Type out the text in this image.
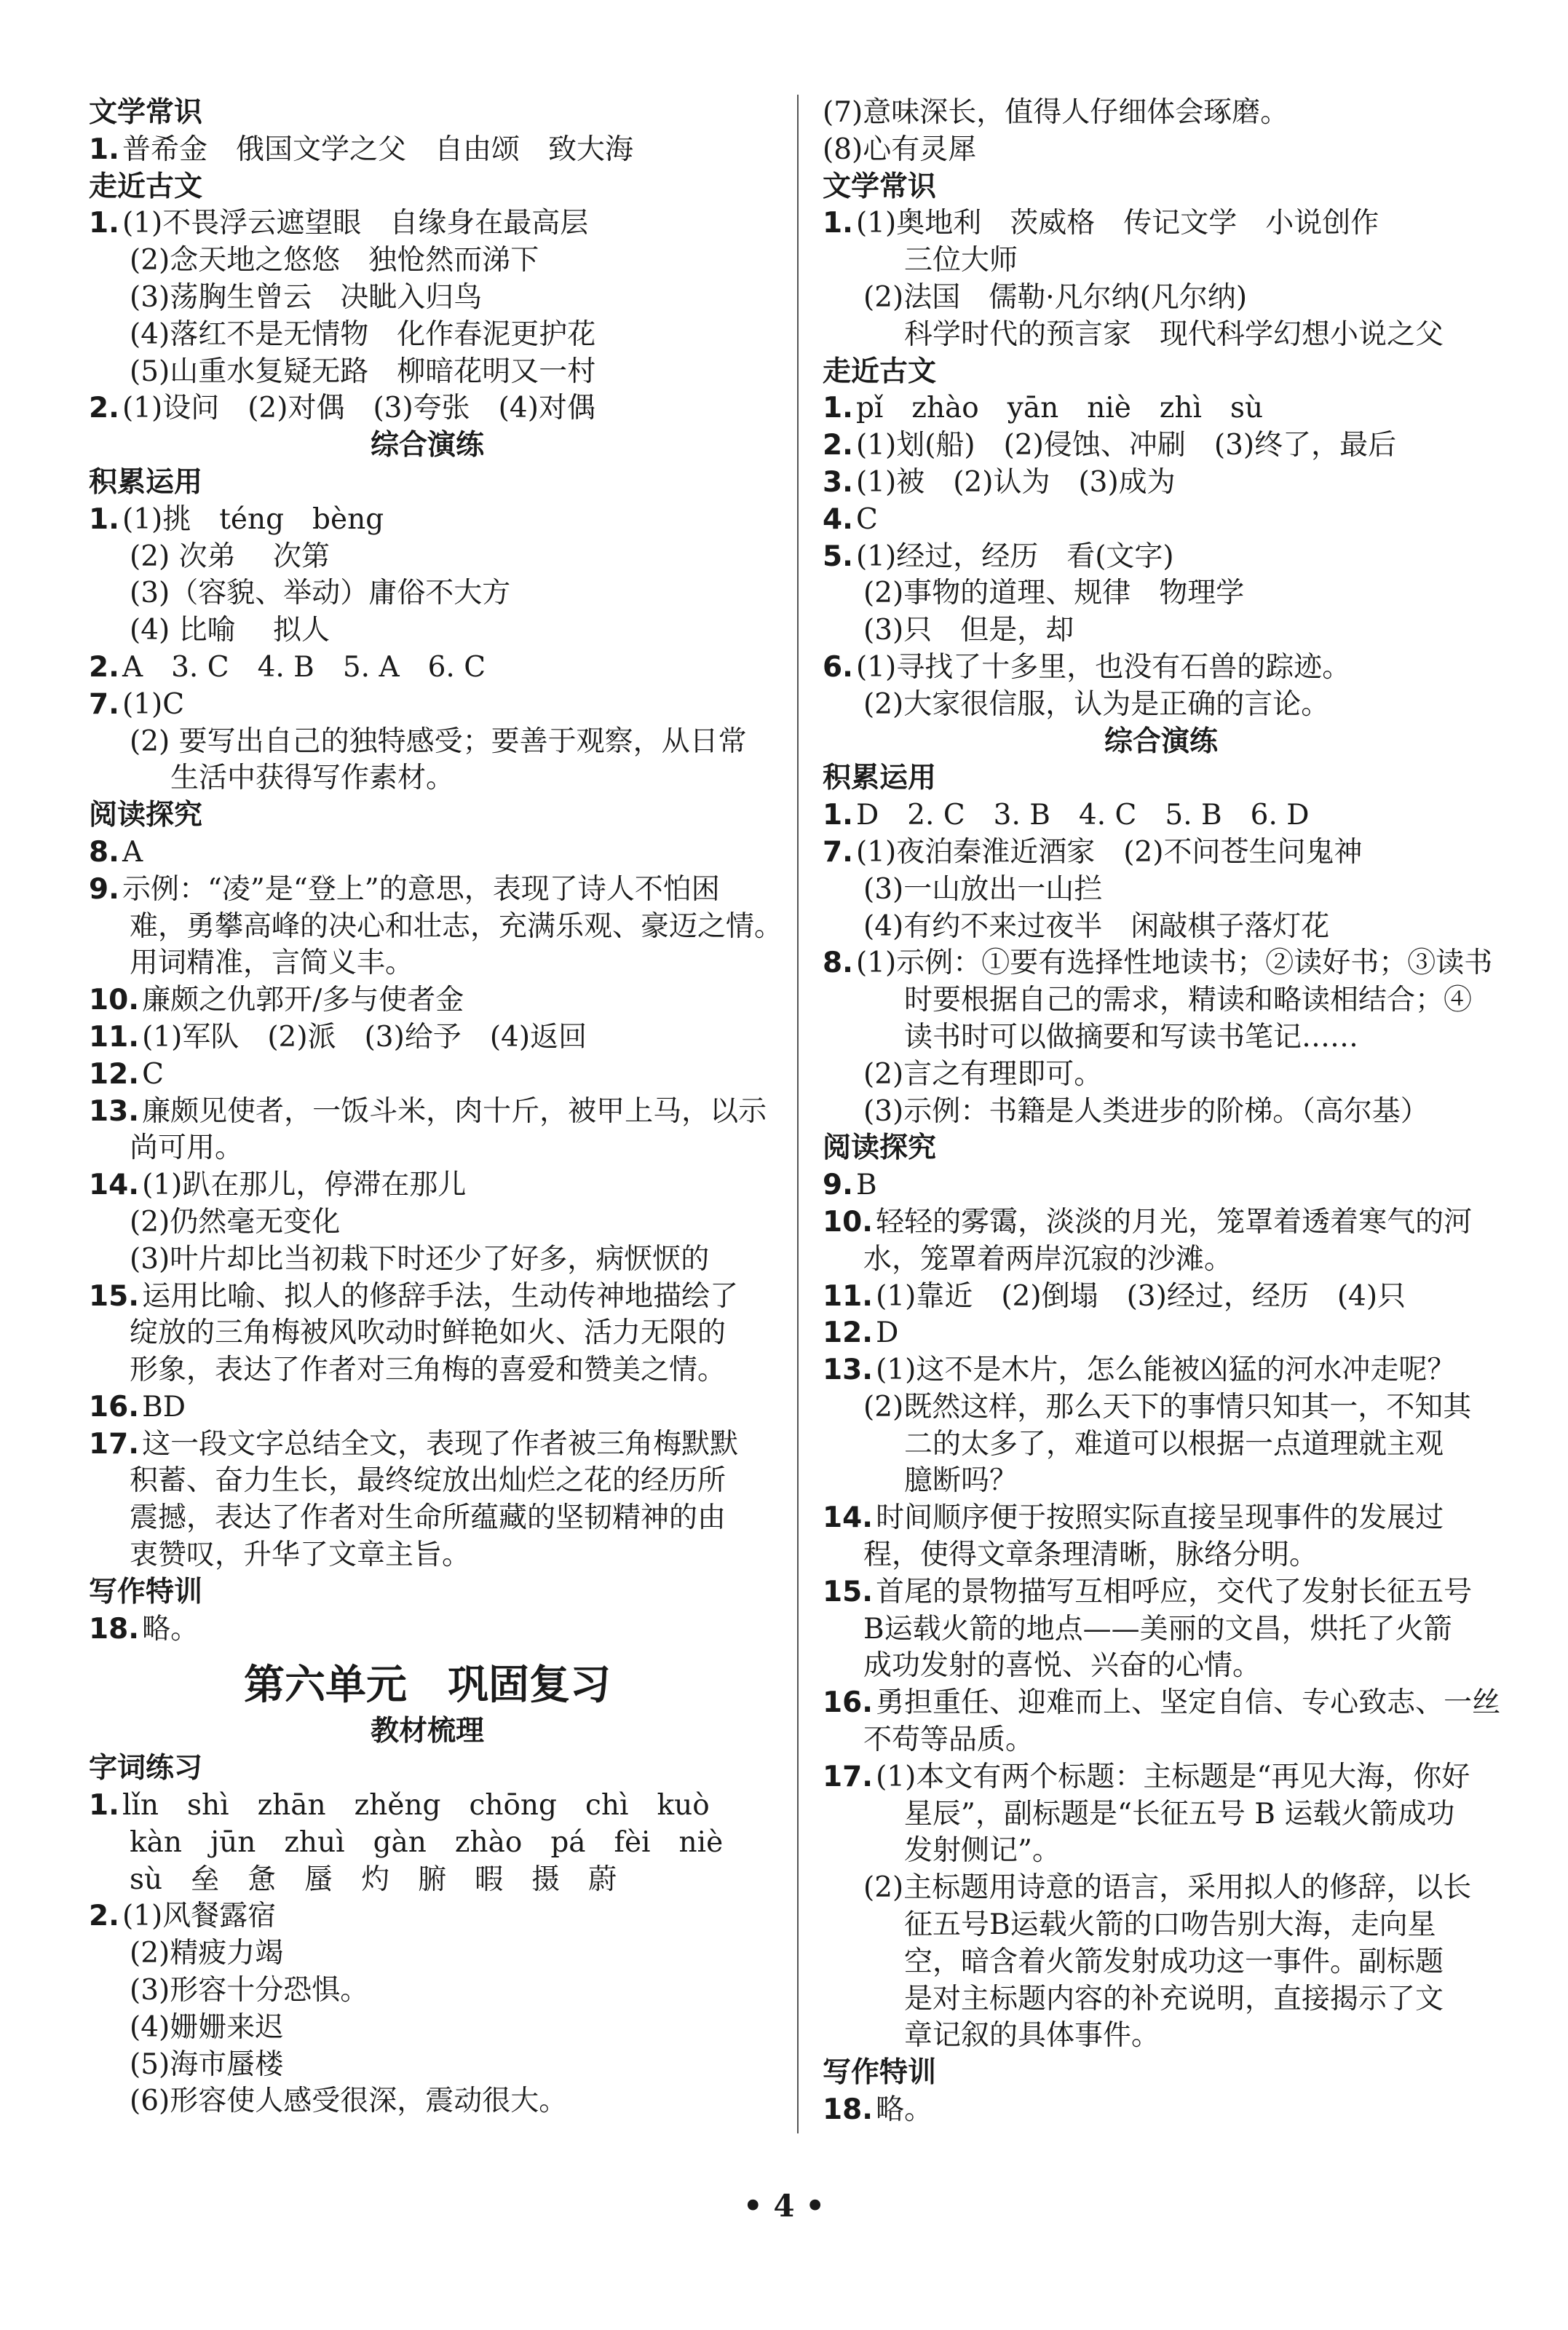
文学常识
1. 普希金　俄国文学之父　自由颂　致大海
走近古文
1. (1)不畏浮云遮望眼　自缘身在最高层
(2)念天地之悠悠　独怆然而涕下
(3)荡胸生曾云　决眦入归鸟
(4)落红不是无情物　化作春泥更护花
(5)山重水复疑无路　柳暗花明又一村
2. (1)设问　(2)对偶　(3)夸张　(4)对偶
综合演练
积累运用
1. (1)挑　téng　bèng
(2) 次弟　 次第
(3)（容貌、举动）庸俗不大方
(4) 比喻　 拟人
2. A　3. C　4. B　5. A　6. C
7. (1)C
(2) 要写出自己的独特感受；要善于观察，从日常
生活中获得写作素材。
阅读探究
8. A
9. 示例：“凌”是“登上”的意思，表现了诗人不怕困
难，勇攀高峰的决心和壮志，充满乐观、豪迈之情。
用词精准，言简义丰。
10. 廉颇之仇郭开/多与使者金
11. (1)军队　(2)派　(3)给予　(4)返回
12. C
13. 廉颇见使者，一饭斗米，肉十斤，被甲上马，以示
尚可用。
14. (1)趴在那儿，停滞在那儿
(2)仍然毫无变化
(3)叶片却比当初栽下时还少了好多，病恹恹的
15. 运用比喻、拟人的修辞手法，生动传神地描绘了
绽放的三角梅被风吹动时鲜艳如火、活力无限的
形象，表达了作者对三角梅的喜爱和赞美之情。
16. BD
17. 这一段文字总结全文，表现了作者被三角梅默默
积蓄、奋力生长，最终绽放出灿烂之花的经历所
震撼，表达了作者对生命所蕴藏的坚韧精神的由
衷赞叹，升华了文章主旨。
写作特训
18. 略。
第六单元　巩固复习
教材梳理
字词练习
1. lǐn　shì　zhān　zhěng　chōng　chì　kuò
kàn　jūn　zhuì　gàn　zhào　pá　fèi　niè
sù　垒　惫　蜃　灼　腑　暇　摄　蔚
2. (1)风餐露宿
(2)精疲力竭
(3)形容十分恐惧。
(4)姗姗来迟
(5)海市蜃楼
(6)形容使人感受很深，震动很大。
(7)意味深长，值得人仔细体会琢磨。
(8)心有灵犀
文学常识
1. (1)奥地利　茨威格　传记文学　小说创作
三位大师
(2)法国　儒勒·凡尔纳(凡尔纳)
科学时代的预言家　现代科学幻想小说之父
走近古文
1. pǐ　zhào　yān　niè　zhì　sù
2. (1)划(船)　(2)侵蚀、冲刷　(3)终了，最后
3. (1)被　(2)认为　(3)成为
4. C
5. (1)经过，经历　看(文字)
(2)事物的道理、规律　物理学
(3)只　但是，却
6. (1)寻找了十多里，也没有石兽的踪迹。
(2)大家很信服，认为是正确的言论。
综合演练
积累运用
1. D　2. C　3. B　4. C　5. B　6. D
7. (1)夜泊秦淮近酒家　(2)不问苍生问鬼神
(3)一山放出一山拦
(4)有约不来过夜半　闲敲棋子落灯花
8. (1)示例：①要有选择性地读书；②读好书；③读书
时要根据自己的需求，精读和略读相结合；④
读书时可以做摘要和写读书笔记……
(2)言之有理即可。
(3)示例：书籍是人类进步的阶梯。（高尔基）
阅读探究
9. B
10. 轻轻的雾霭，淡淡的月光，笼罩着透着寒气的河
水，笼罩着两岸沉寂的沙滩。
11. (1)靠近　(2)倒塌　(3)经过，经历　(4)只
12. D
13. (1)这不是木片，怎么能被凶猛的河水冲走呢？
(2)既然这样，那么天下的事情只知其一，不知其
二的太多了，难道可以根据一点道理就主观
臆断吗？
14. 时间顺序便于按照实际直接呈现事件的发展过
程，使得文章条理清晰，脉络分明。
15. 首尾的景物描写互相呼应，交代了发射长征五号
B运载火箭的地点——美丽的文昌，烘托了火箭
成功发射的喜悦、兴奋的心情。
16. 勇担重任、迎难而上、坚定自信、专心致志、一丝
不苟等品质。
17. (1)本文有两个标题：主标题是“再见大海，你好
星辰”，副标题是“长征五号 B 运载火箭成功
发射侧记”。
(2)主标题用诗意的语言，采用拟人的修辞，以长
征五号B运载火箭的口吻告别大海，走向星
空，暗含着火箭发射成功这一事件。副标题
是对主标题内容的补充说明，直接揭示了文
章记叙的具体事件。
写作特训
18. 略。
• 4 •
